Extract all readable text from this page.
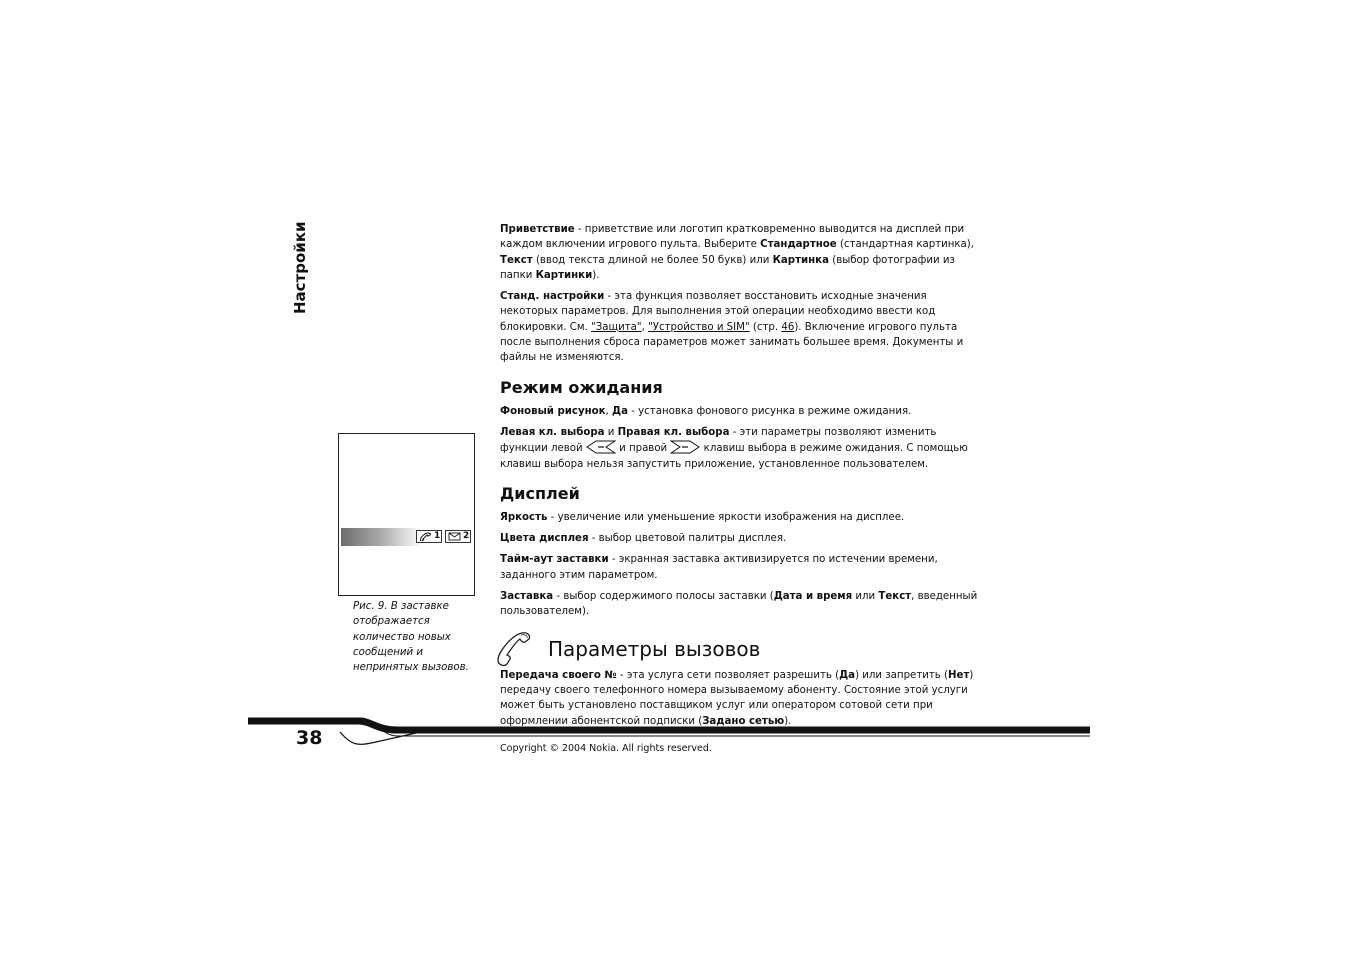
Настройки	Приветствие - приветствие или логотип кратковременно выводится на дисплей при каждом включении игрового пульта. Выберите Стандартное (стандартная картинка), Текст (ввод текста длиной не более 50 букв) или Картинка (выбор фотографии из папки Картинки).

Станд. настройки - эта функция позволяет восстановить исходные значения некоторых параметров. Для выполнения этой операции необходимо ввести код блокировки. См. "Защита", "Устройство и SIM" (стр. 46). Включение игрового пульта после выполнения сброса параметров может занимать большее время. Документы и файлы не изменяются.

Режим ожидания

Фоновый рисунок, Да - установка фонового рисунка в режиме ожидания.

Левая кл. выбора и Правая кл. выбора - эти параметры позволяют изменить функции левой	и правой	клавиш выбора в режиме ожидания. С помощью клавиш выбора нельзя запустить приложение, установленное пользователем.

Дисплей

Яркость - увеличение или уменьшение яркости изображения на дисплее.

Цвета дисплея - выбор цветовой палитры дисплея.

Тайм-аут заставки - экранная заставка активизируется по истечении времени, заданного этим параметром.

Заставка - выбор содержимого полосы заставки (Дата и время или Текст, введенный пользователем).

Параметры вызовов

Передача своего № - эта услуга сети позволяет разрешить (Да) или запретить (Нет) передачу своего телефонного номера вызываемому абоненту. Состояние этой услуги может быть установлено поставщиком услуг или оператором сотовой сети при оформлении абонентской подписки (Задано сетью).

1	2
Рис. 9. В заставке отображается количество новых сообщений и непринятых вызовов.
38	Copyright © 2004 Nokia. All rights reserved.
